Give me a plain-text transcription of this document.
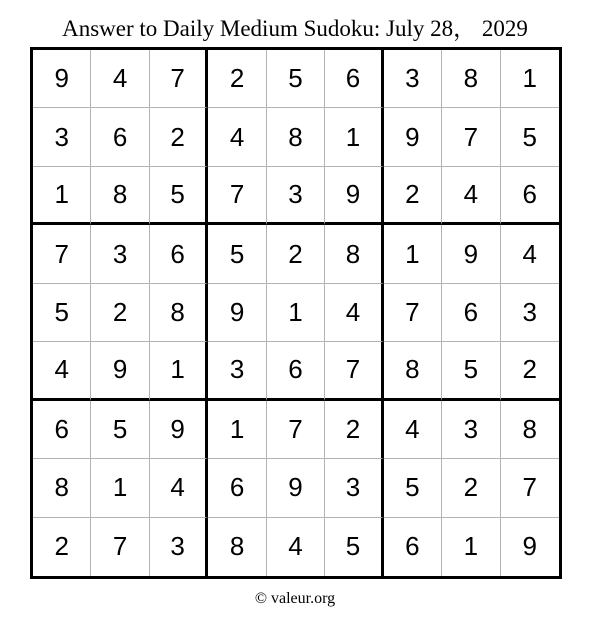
Answer to Daily Medium Sudoku: July 28， 2029
9	4	7	2	5	6	3	8	1
3	6	2	4	8	1	9	7	5
1	8	5	7	3	9	2	4	6
7	3	6	5	2	8	1	9	4
5	2	8	9	1	4	7	6	3
4	9	1	3	6	7	8	5	2
6	5	9	1	7	2	4	3	8
8	1	4	6	9	3	5	2	7
2	7	3	8	4	5	6	1	9
© valeur.org
